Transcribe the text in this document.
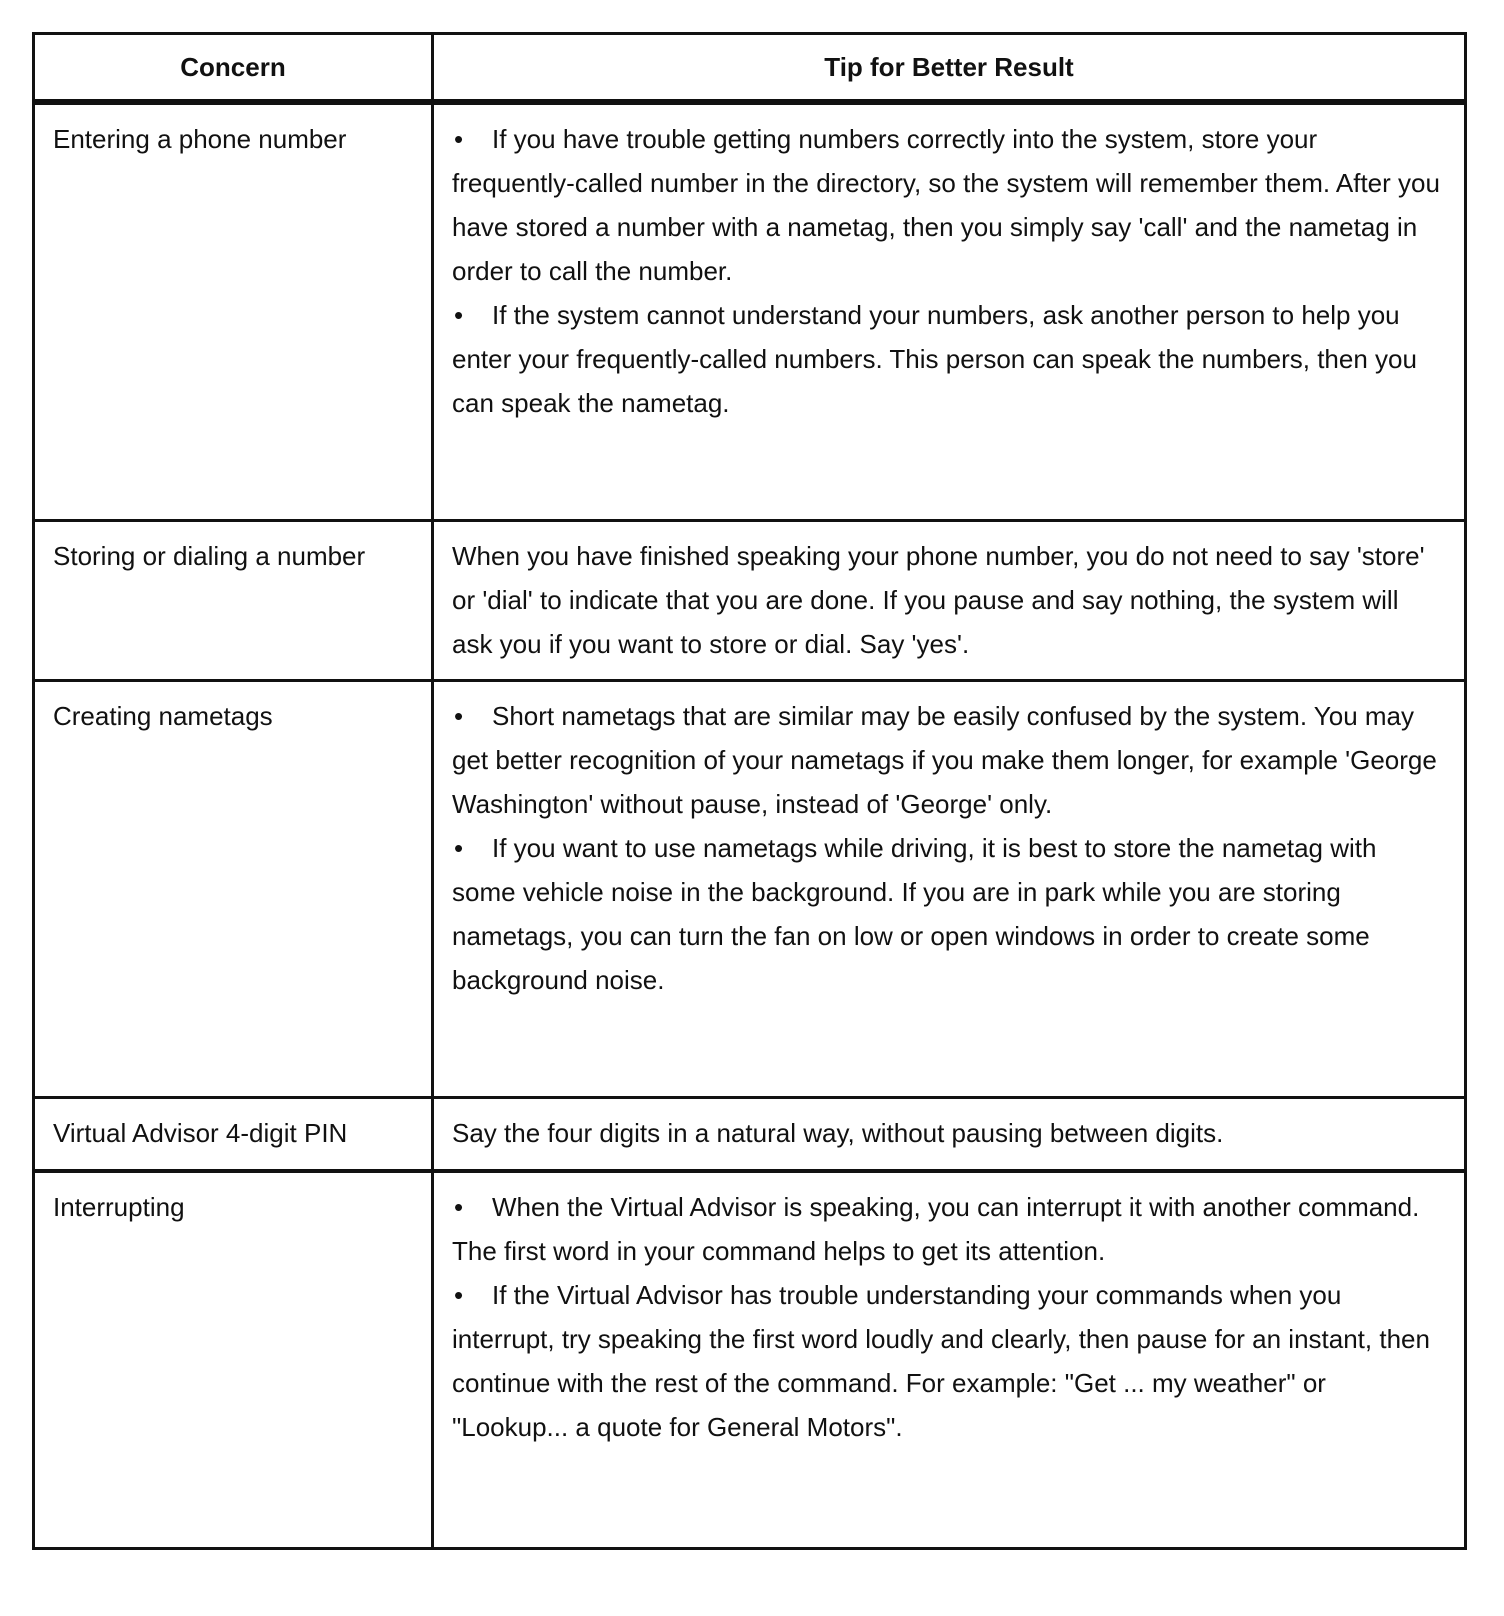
Concern	Tip for Better Result
Entering a phone number	• If you have trouble getting numbers correctly into the system, store your frequently-called number in the directory, so the system will remember them. After you have stored a number with a nametag, then you simply say 'call' and the nametag in order to call the number.
• If the system cannot understand your numbers, ask another person to help you enter your frequently-called numbers. This person can speak the numbers, then you can speak the nametag.

Storing or dialing a number	When you have finished speaking your phone number, you do not need to say 'store' or 'dial' to indicate that you are done. If you pause and say nothing, the system will ask you if you want to store or dial. Say 'yes'.
Creating nametags	• Short nametags that are similar may be easily confused by the system. You may get better recognition of your nametags if you make them longer, for example 'George Washington' without pause, instead of 'George' only.
• If you want to use nametags while driving, it is best to store the nametag with some vehicle noise in the background. If you are in park while you are storing nametags, you can turn the fan on low or open windows in order to create some background noise.

Virtual Advisor 4-digit PIN	Say the four digits in a natural way, without pausing between digits.
Interrupting	• When the Virtual Advisor is speaking, you can interrupt it with another command. The first word in your command helps to get its attention.
• If the Virtual Advisor has trouble understanding your commands when you interrupt, try speaking the first word loudly and clearly, then pause for an instant, then continue with the rest of the command. For example: "Get ... my weather" or "Lookup... a quote for General Motors".
